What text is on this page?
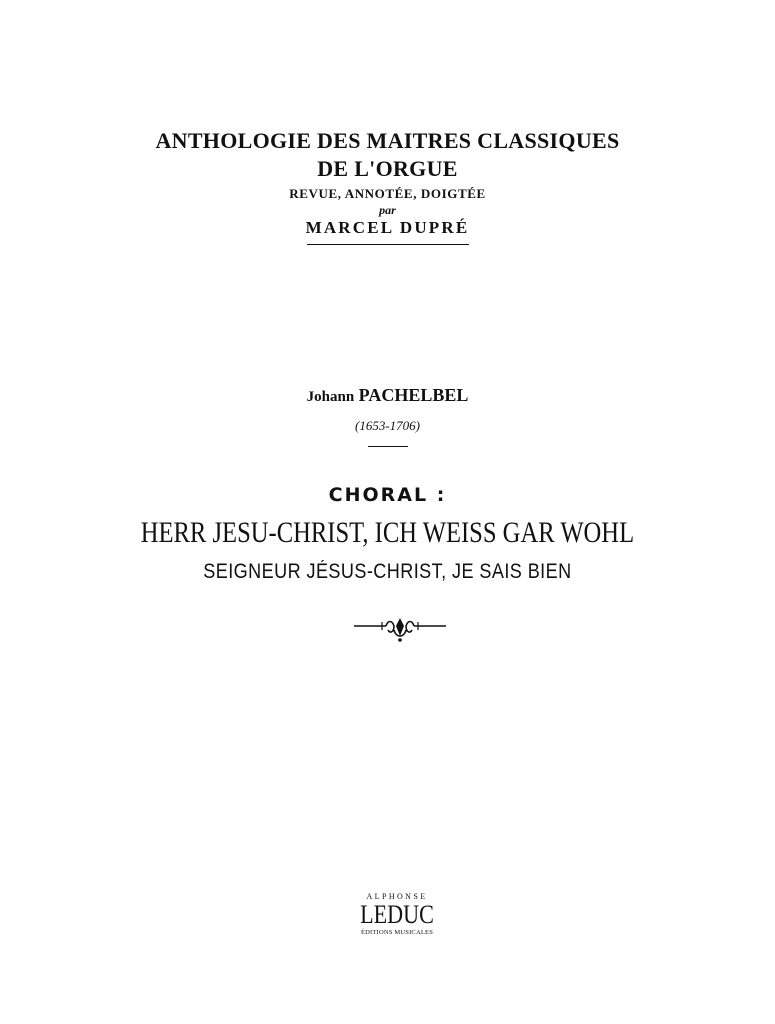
ANTHOLOGIE DES MAITRES CLASSIQUES
DE L'ORGUE
REVUE, ANNOTÉE, DOIGTÉE
par
MARCEL DUPRÉ
Johann PACHELBEL
(1653-1706)
CHORAL :
HERR JESU-CHRIST, ICH WEISS GAR WOHL
SEIGNEUR JÉSUS-CHRIST, JE SAIS BIEN
ALPHONSE
LEDUC
ÉDITIONS MUSICALES
